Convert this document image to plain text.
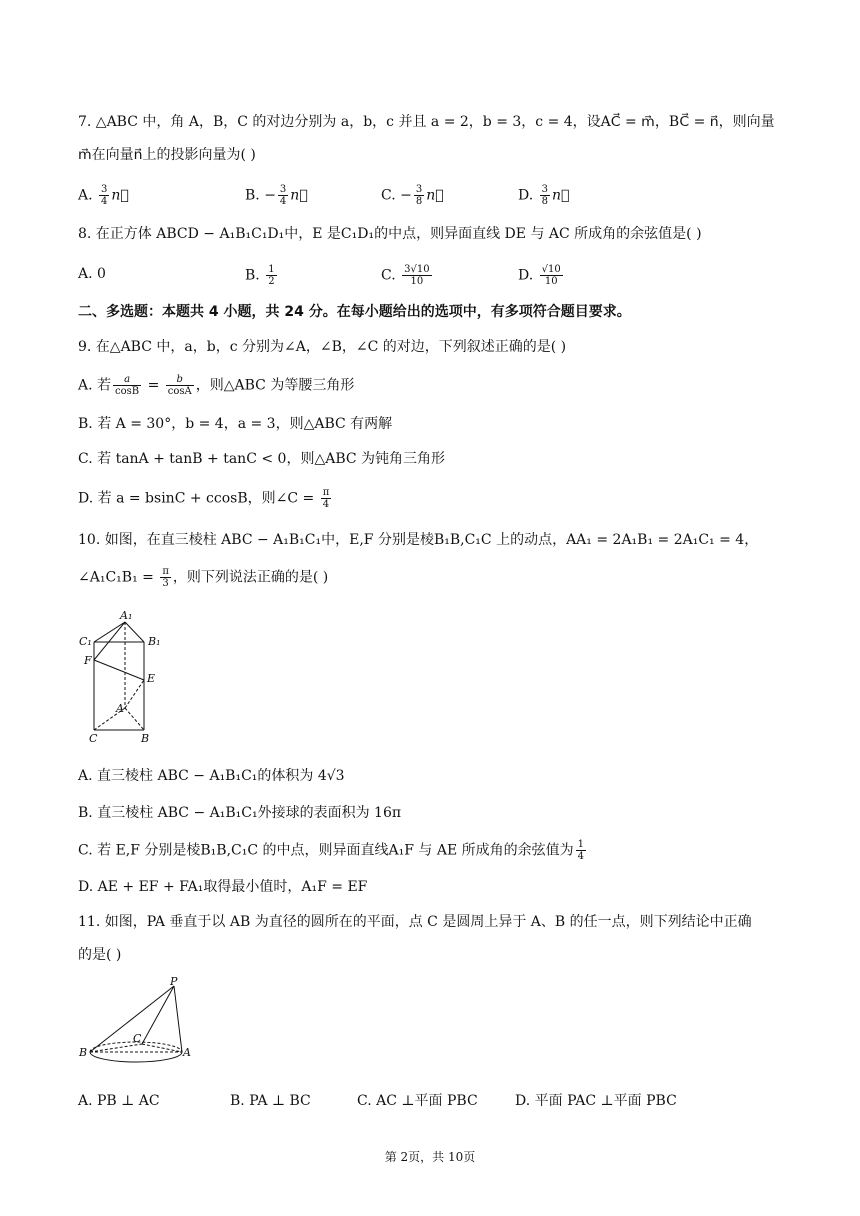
7. △ABC 中，角 A，B，C 的对边分别为 a，b，c 并且 a = 2，b = 3，c = 4，设AC⃗ = m⃗，BC⃗ = n⃗，则向量
m⃗在向量n⃗上的投影向量为( )
A. $\frac{3}{4}$ n⃗	B. − $\frac{3}{4}$ n⃗	C. − $\frac{3}{8}$ n⃗	D. $\frac{3}{8}$ n⃗
8. 在正方体 ABCD − A₁B₁C₁D₁中，E 是C₁D₁的中点，则异面直线 DE 与 AC 所成角的余弦值是( )
A. 0	B. $\frac{1}{2}$	C. $\frac{3√10}{10}$	D. $\frac{√10}{10}$
二、多选题：本题共 4 小题，共 24 分。在每小题给出的选项中，有多项符合题目要求。
9. 在△ABC 中，a，b，c 分别为∠A，∠B，∠C 的对边，下列叙述正确的是( )
A. 若 $\frac{a}{\cos B} = \frac{b}{\cos A}$ ，则△ABC 为等腰三角形
B. 若 A = 30°，b = 4，a = 3，则△ABC 有两解
C. 若 tanA + tanB + tanC < 0，则△ABC 为钝角三角形
D. 若 a = bsinC + ccosB，则∠C = $\frac{\pi}{4}$
10. 如图，在直三棱柱 ABC − A₁B₁C₁中，E,F 分别是棱B₁B,C₁C 上的动点，AA₁ = 2A₁B₁ = 2A₁C₁ = 4，
∠A₁C₁B₁ = $\frac{\pi}{3}$ ，则下列说法正确的是( )
A₁
B₁
C₁
F
E
A
C	B
A. 直三棱柱 ABC − A₁B₁C₁的体积为 4√3
B. 直三棱柱 ABC − A₁B₁C₁外接球的表面积为 16π
C. 若 E,F 分别是棱B₁B,C₁C 的中点，则异面直线A₁F 与 AE 所成角的余弦值为 $\frac{1}{4}$
D. AE + EF + FA₁取得最小值时，A₁F = EF
11. 如图，PA 垂直于以 AB 为直径的圆所在的平面，点 C 是圆周上异于 A、B 的任一点，则下列结论中正确
的是( )
P
C
B	A
A. PB ⊥ AC	B. PA ⊥ BC	C. AC ⊥平面 PBC	D. 平面 PAC ⊥平面 PBC
第 2页，共 10页
